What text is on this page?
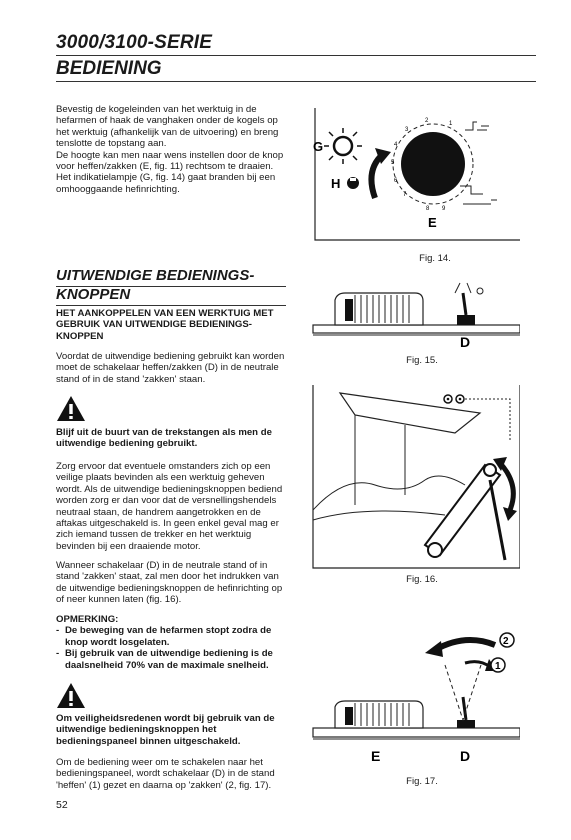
3000/3100-SERIE
BEDIENING
Bevestig de kogeleinden van het werktuig in de hefarmen of haak de vanghaken onder de kogels op het werktuig (afhankelijk van de uitvoering) en breng tenslotte de topstang aan.
De hoogte kan men naar wens instellen door de knop voor heffen/zakken (E, fig. 11) rechtsom te draaien. Het indikatielampje (G, fig. 14) gaat branden bij een omhooggaande hefinrichting.
G
H
2	1
3
4
5
6
7
8 9
E
Fig. 14.
UITWENDIGE BEDIENINGS-
KNOPPEN
HET AANKOPPELEN VAN EEN WERKTUIG MET GEBRUIK VAN UITWENDIGE BEDIENINGS-KNOPPEN
Voordat de uitwendige bediening gebruikt kan worden moet de schakelaar heffen/zakken (D) in de neutrale stand of in de stand 'zakken' staan.
Blijf uit de buurt van de trekstangen als men de uitwendige bediening gebruikt.
Zorg ervoor dat eventuele omstanders zich op een veilige plaats bevinden als een werktuig geheven wordt. Als de uitwendige bedieningsknoppen bediend worden zorg er dan voor dat de versnellingshendels neutraal staan, de handrem aangetrokken en de aftakas uitgeschakeld is. In geen enkel geval mag er zich iemand tussen de trekker en het werktuig bevinden bij een draaiende motor.
Wanneer schakelaar (D) in de neutrale stand of in stand 'zakken' staat, zal men door het indrukken van de uitwendige bedieningsknoppen de hefinrichting op of neer kunnen laten (fig. 16).
OPMERKING:
- De beweging van de hefarmen stopt zodra de knop wordt losgelaten.
- Bij gebruik van de uitwendige bediening is de daalsnelheid 70% van de maximale snelheid.
Om veiligheidsredenen wordt bij gebruik van de uitwendige bedieningsknoppen het bedieningspaneel binnen uitgeschakeld.
Om de bediening weer om te schakelen naar het bedieningspaneel, wordt schakelaar (D) in de stand 'heffen' (1) gezet en daarna op 'zakken' (2, fig. 17).
D
Fig. 15.
Fig. 16.
2
1
E	D
Fig. 17.
52
